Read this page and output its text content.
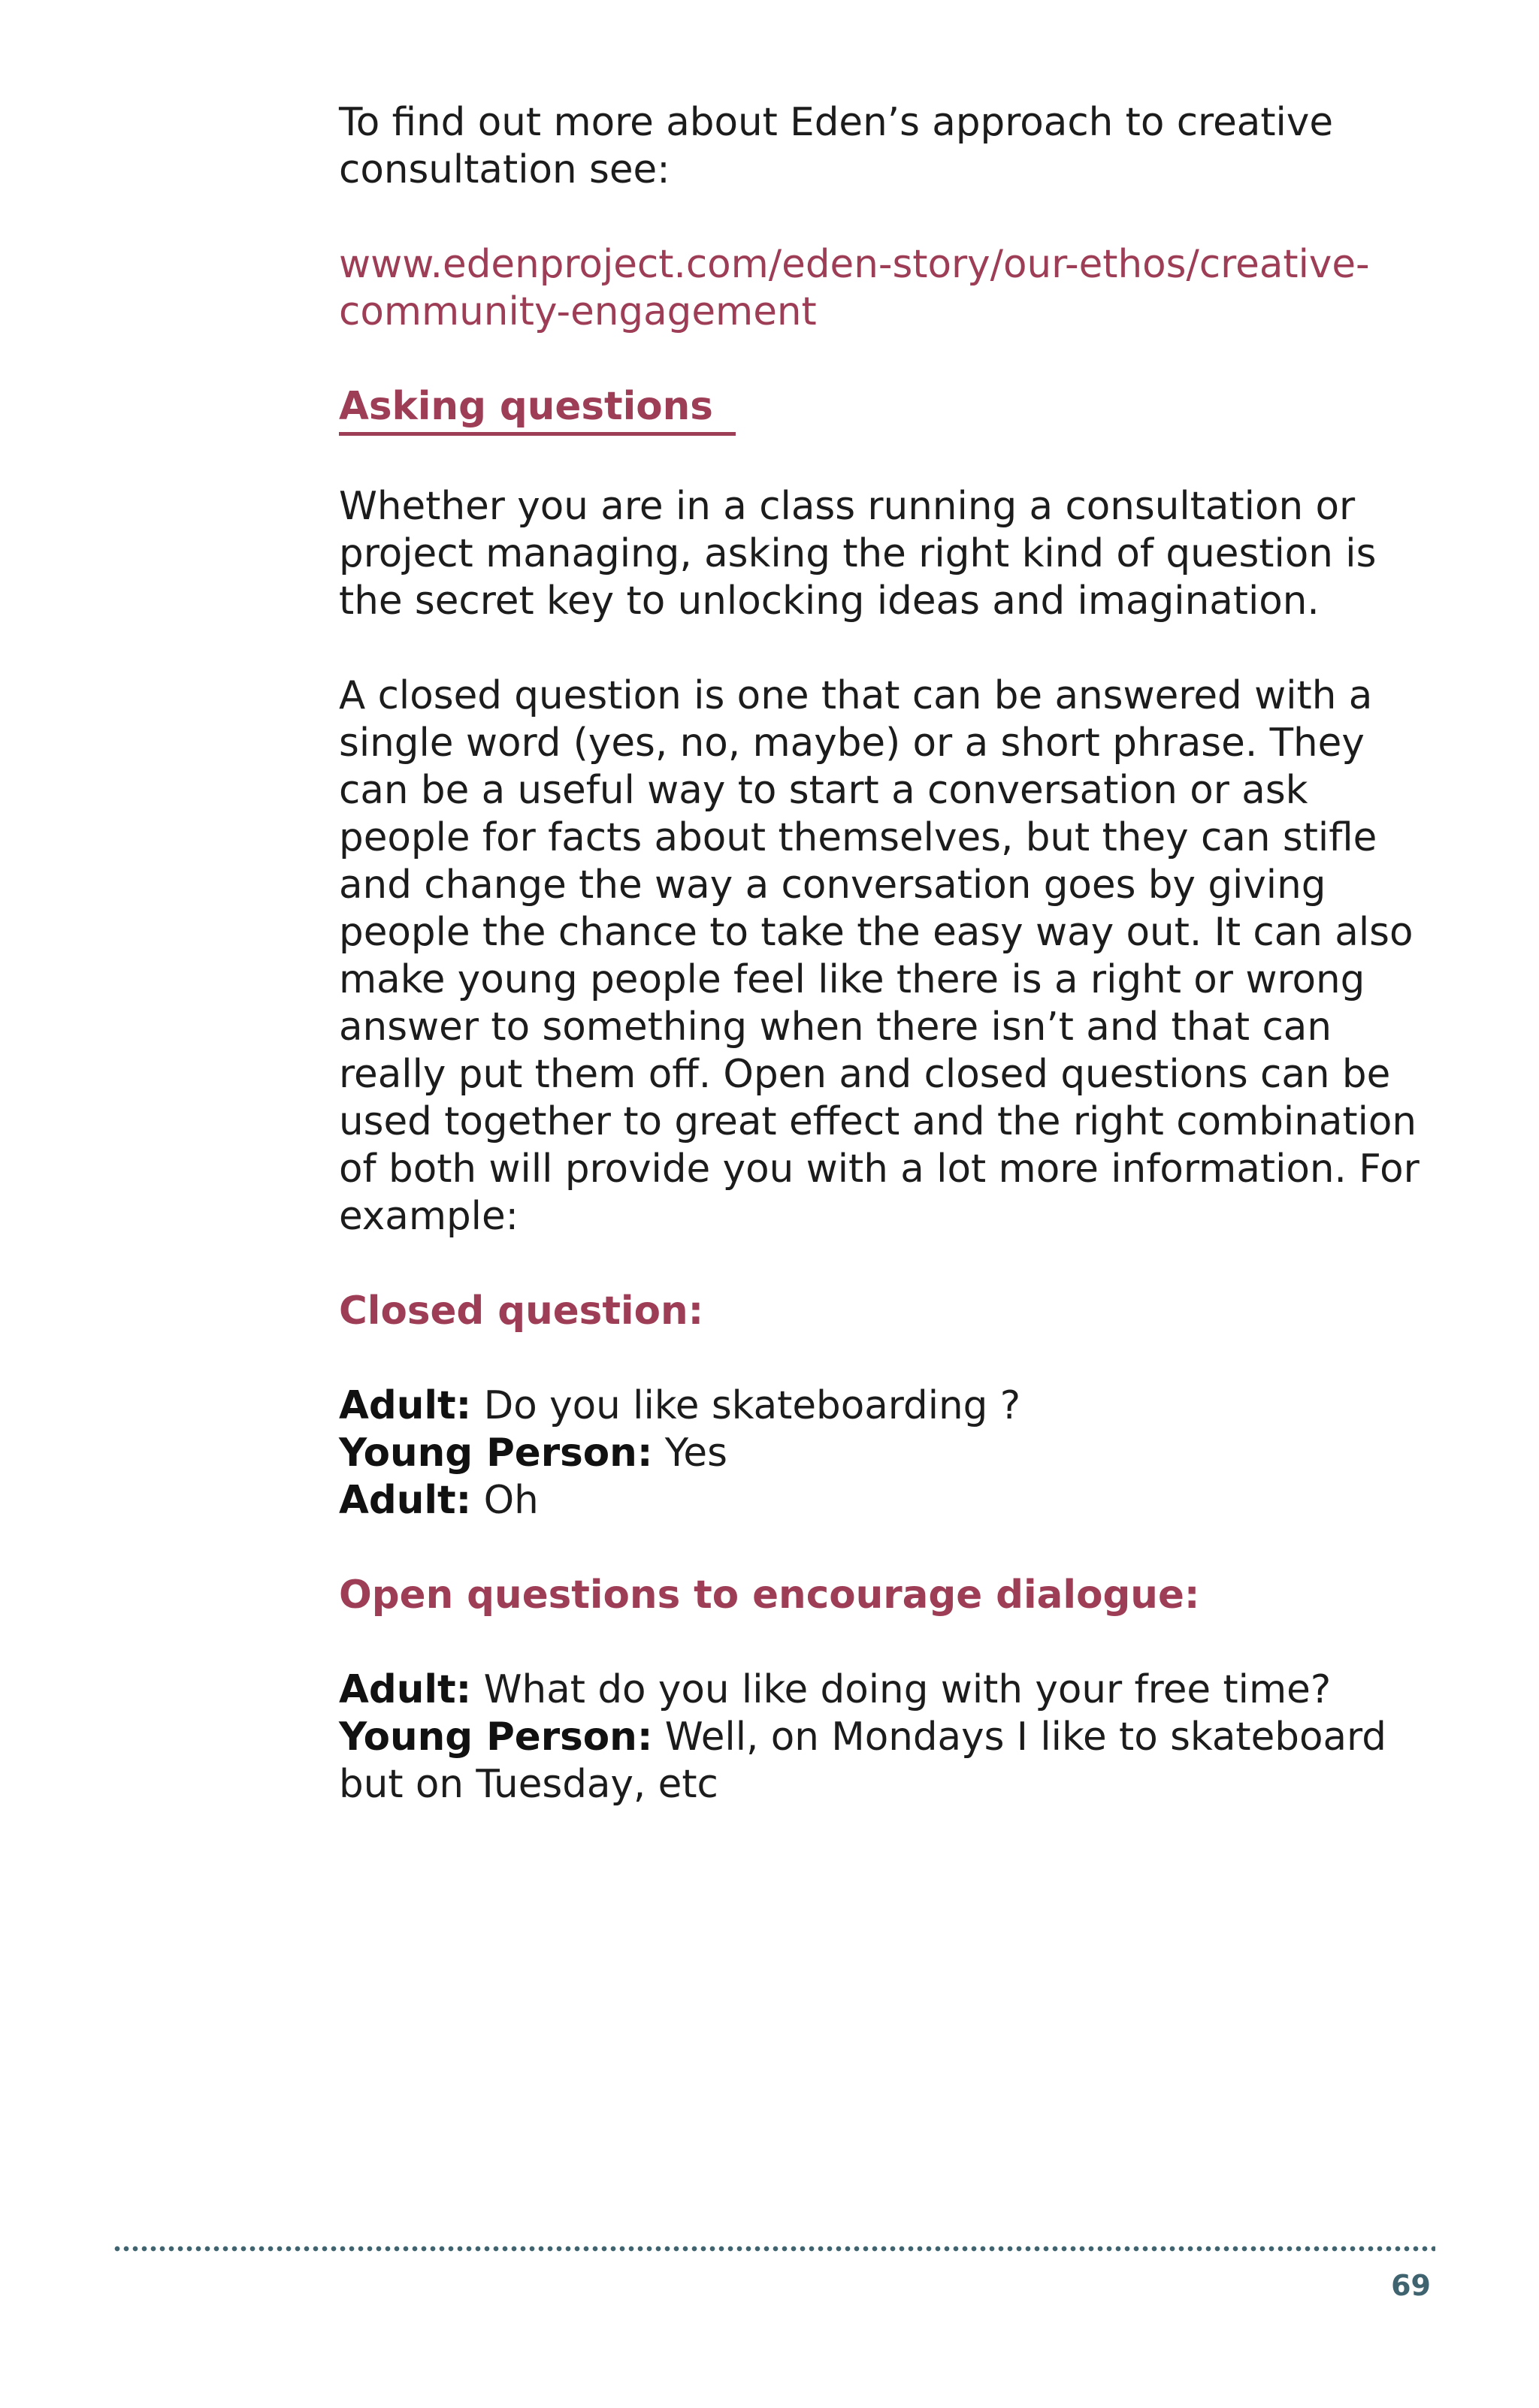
To find out more about Eden’s approach to creative consultation see:

www.edenproject.com/eden-story/our-ethos/creative-community-engagement

Asking questions

Whether you are in a class running a consultation or project managing, asking the right kind of question is the secret key to unlocking ideas and imagination.

A closed question is one that can be answered with a single word (yes, no, maybe) or a short phrase. They can be a useful way to start a conversation or ask people for facts about themselves, but they can stifle and change the way a conversation goes by giving people the chance to take the easy way out. It can also make young people feel like there is a right or wrong answer to something when there isn’t and that can really put them off. Open and closed questions can be used together to great effect and the right combination of both will provide you with a lot more information. For example:

Closed question:

Adult: Do you like skateboarding ?

Young Person: Yes

Adult: Oh

Open questions to encourage dialogue:

Adult: What do you like doing with your free time?

Young Person: Well, on Mondays I like to skateboard but on Tuesday, etc

69
